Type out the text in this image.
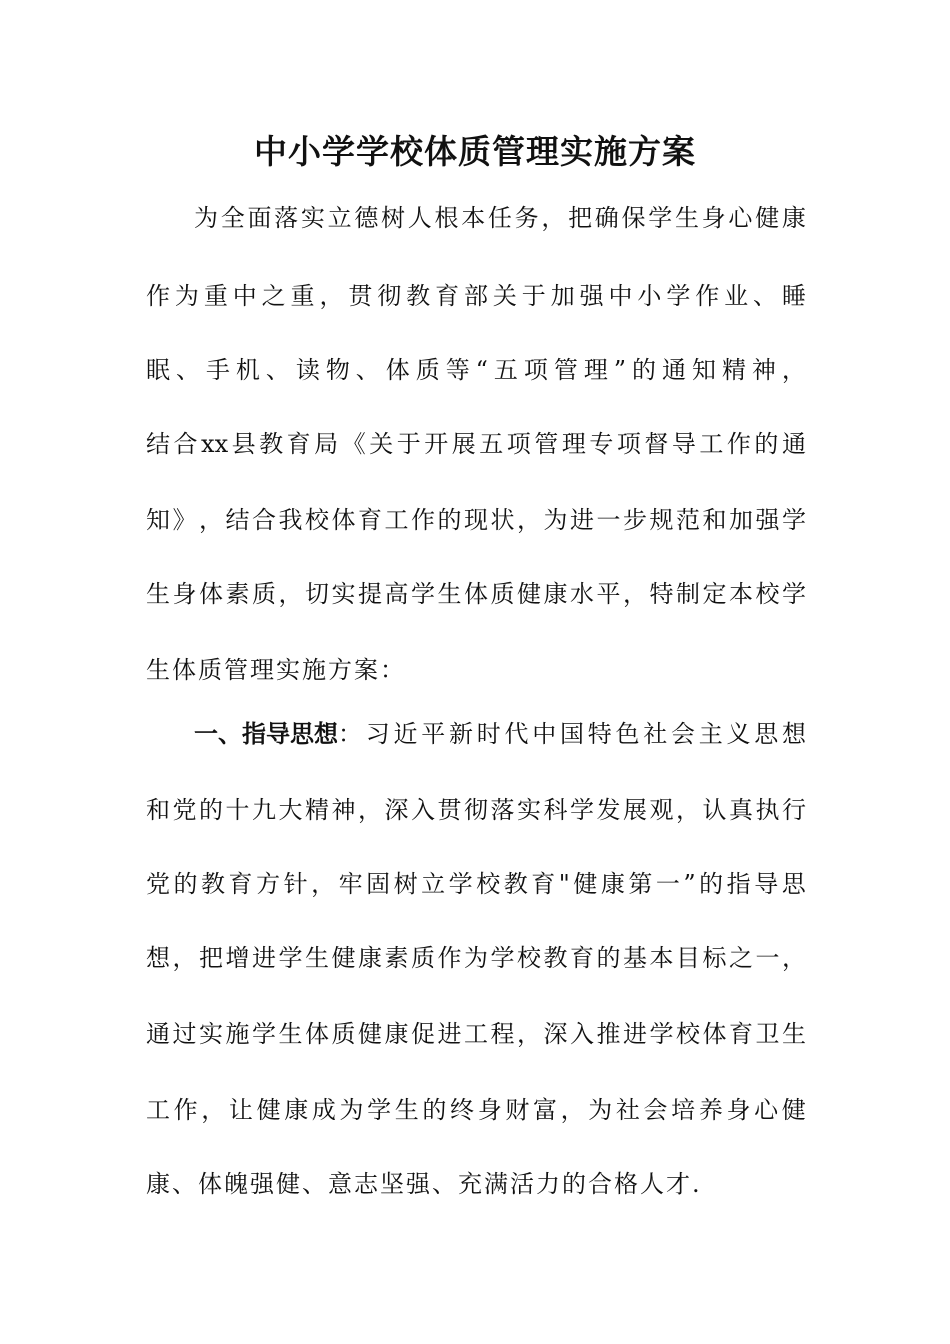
中小学学校体质管理实施方案

为 全 面 落 实 立 德 树 人 根 本 任 务 ， 把 确 保 学 生 身 心 健 康

作 为 重 中 之 重 ， 贯 彻 教 育 部 关 于 加 强 中 小 学 作 业 、 睡

眠 、 手 机 、 读 物 、 体 质 等 “ 五 项 管 理 ” 的 通 知 精 神 ，

结 合 xx 县 教 育 局 《 关 于 开 展 五 项 管 理 专 项 督 导 工 作 的 通

知 》 ， 结 合 我 校 体 育 工 作 的 现 状 ， 为 进 一 步 规 范 和 加 强 学

生 身 体 素 质 ， 切 实 提 高 学 生 体 质 健 康 水 平 ， 特 制 定 本 校 学

生体质管理实施方案：

一、指导思想 ： 习 近 平 新 时 代 中 国 特 色 社 会 主 义 思 想

和 党 的 十 九 大 精 神 ， 深 入 贯 彻 落 实 科 学 发 展 观 ， 认 真 执 行

党 的 教 育 方 针 ， 牢 固 树 立 学 校 教 育 " 健 康 第 一 ” 的 指 导 思

想 ， 把 增 进 学 生 健 康 素 质 作 为 学 校 教 育 的 基 本 目 标 之 一 ，

通 过 实 施 学 生 体 质 健 康 促 进 工 程 ， 深 入 推 进 学 校 体 育 卫 生

工 作 ， 让 健 康 成 为 学 生 的 终 身 财 富 ， 为 社 会 培 养 身 心 健

康、体魄强健、意志坚强、充满活力的合格人才.
